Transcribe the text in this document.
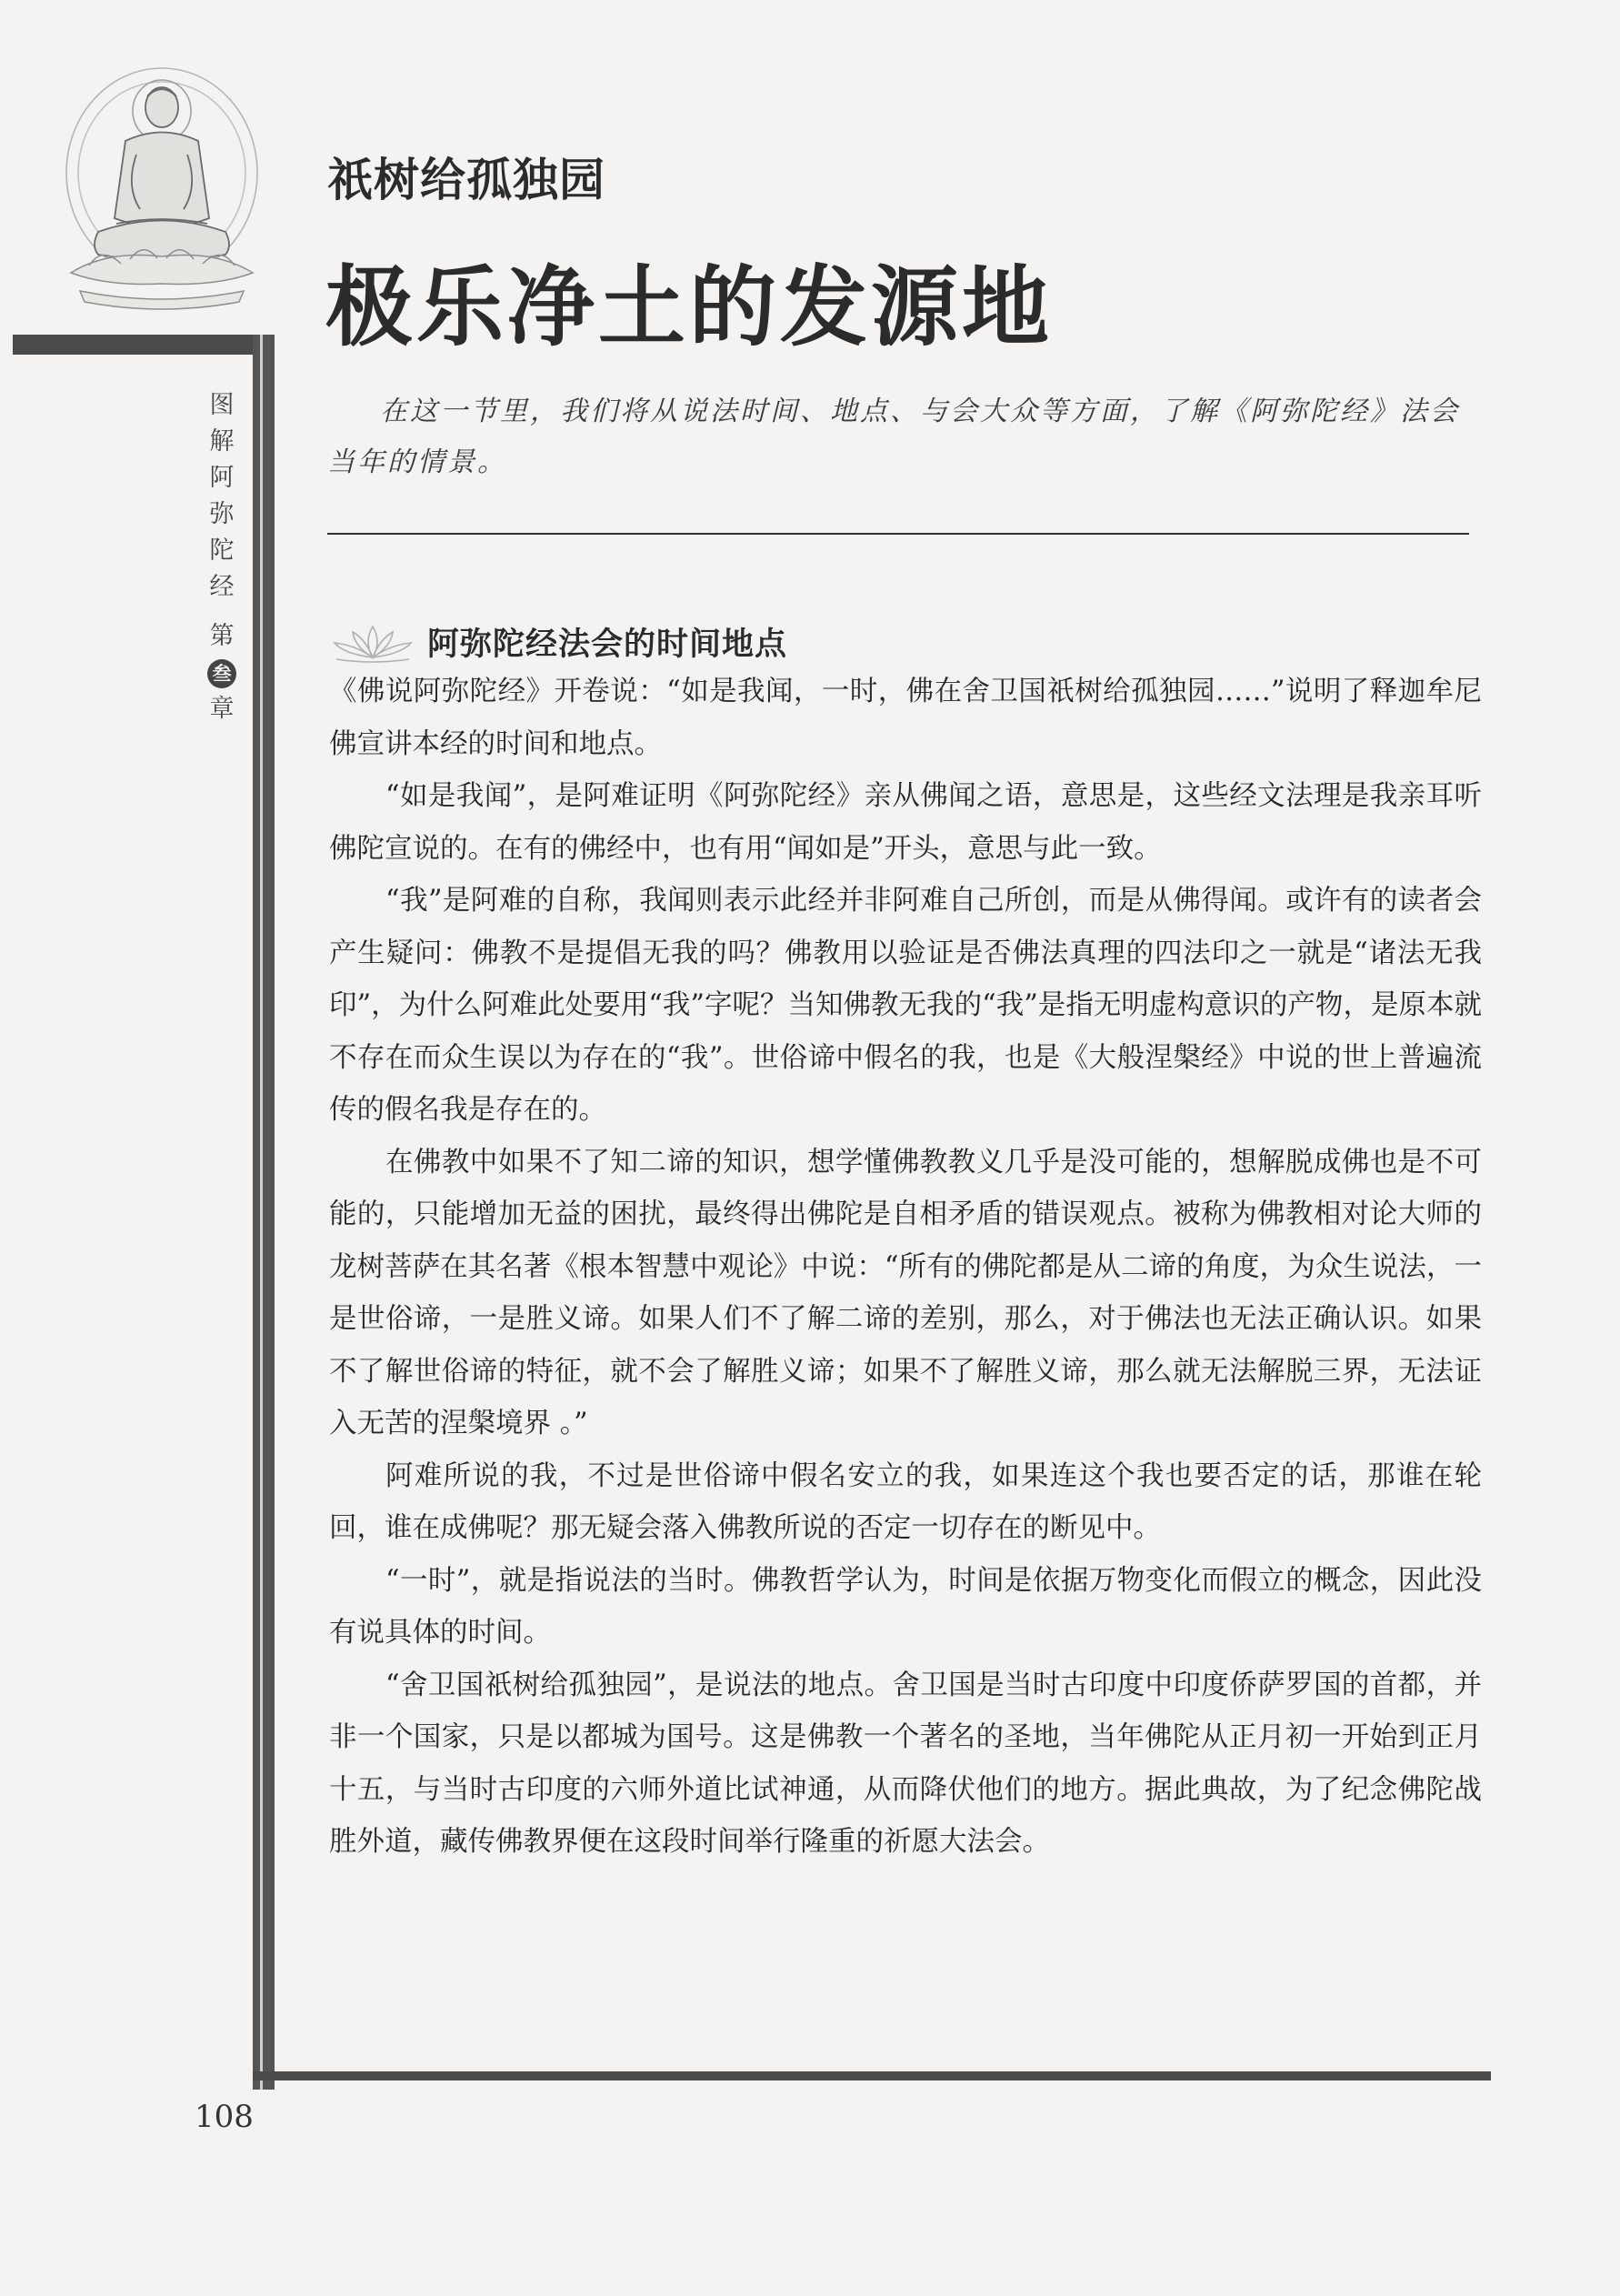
祇树给孤独园
极乐净土的发源地
图
解
阿
弥
陀
经
第
叁
章
在这一节里，我们将从说法时间、地点、与会大众等方面，了解《阿弥陀经》法会当年的情景。
阿弥陀经法会的时间地点

《佛说阿弥陀经》开卷说：“如是我闻，一时，佛在舍卫国祇树给孤独园……”说明了释迦牟尼佛宣讲本经的时间和地点。

“如是我闻”，是阿难证明《阿弥陀经》亲从佛闻之语，意思是，这些经文法理是我亲耳听佛陀宣说的。在有的佛经中，也有用“闻如是”开头，意思与此一致。

“我”是阿难的自称，我闻则表示此经并非阿难自己所创，而是从佛得闻。或许有的读者会产生疑问：佛教不是提倡无我的吗？佛教用以验证是否佛法真理的四法印之一就是“诸法无我印”，为什么阿难此处要用“我”字呢？当知佛教无我的“我”是指无明虚构意识的产物，是原本就不存在而众生误以为存在的“我”。世俗谛中假名的我，也是《大般涅槃经》中说的世上普遍流传的假名我是存在的。

在佛教中如果不了知二谛的知识，想学懂佛教教义几乎是没可能的，想解脱成佛也是不可能的，只能增加无益的困扰，最终得出佛陀是自相矛盾的错误观点。被称为佛教相对论大师的龙树菩萨在其名著《根本智慧中观论》中说：“所有的佛陀都是从二谛的角度，为众生说法，一是世俗谛，一是胜义谛。如果人们不了解二谛的差别，那么，对于佛法也无法正确认识。如果不了解世俗谛的特征，就不会了解胜义谛；如果不了解胜义谛，那么就无法解脱三界，无法证入无苦的涅槃境界 。”

阿难所说的我，不过是世俗谛中假名安立的我，如果连这个我也要否定的话，那谁在轮回，谁在成佛呢？那无疑会落入佛教所说的否定一切存在的断见中。

“一时”，就是指说法的当时。佛教哲学认为，时间是依据万物变化而假立的概念，因此没有说具体的时间。

“舍卫国祇树给孤独园”，是说法的地点。舍卫国是当时古印度中印度侨萨罗国的首都，并非一个国家，只是以都城为国号。这是佛教一个著名的圣地，当年佛陀从正月初一开始到正月十五，与当时古印度的六师外道比试神通，从而降伏他们的地方。据此典故，为了纪念佛陀战胜外道，藏传佛教界便在这段时间举行隆重的祈愿大法会。

108
